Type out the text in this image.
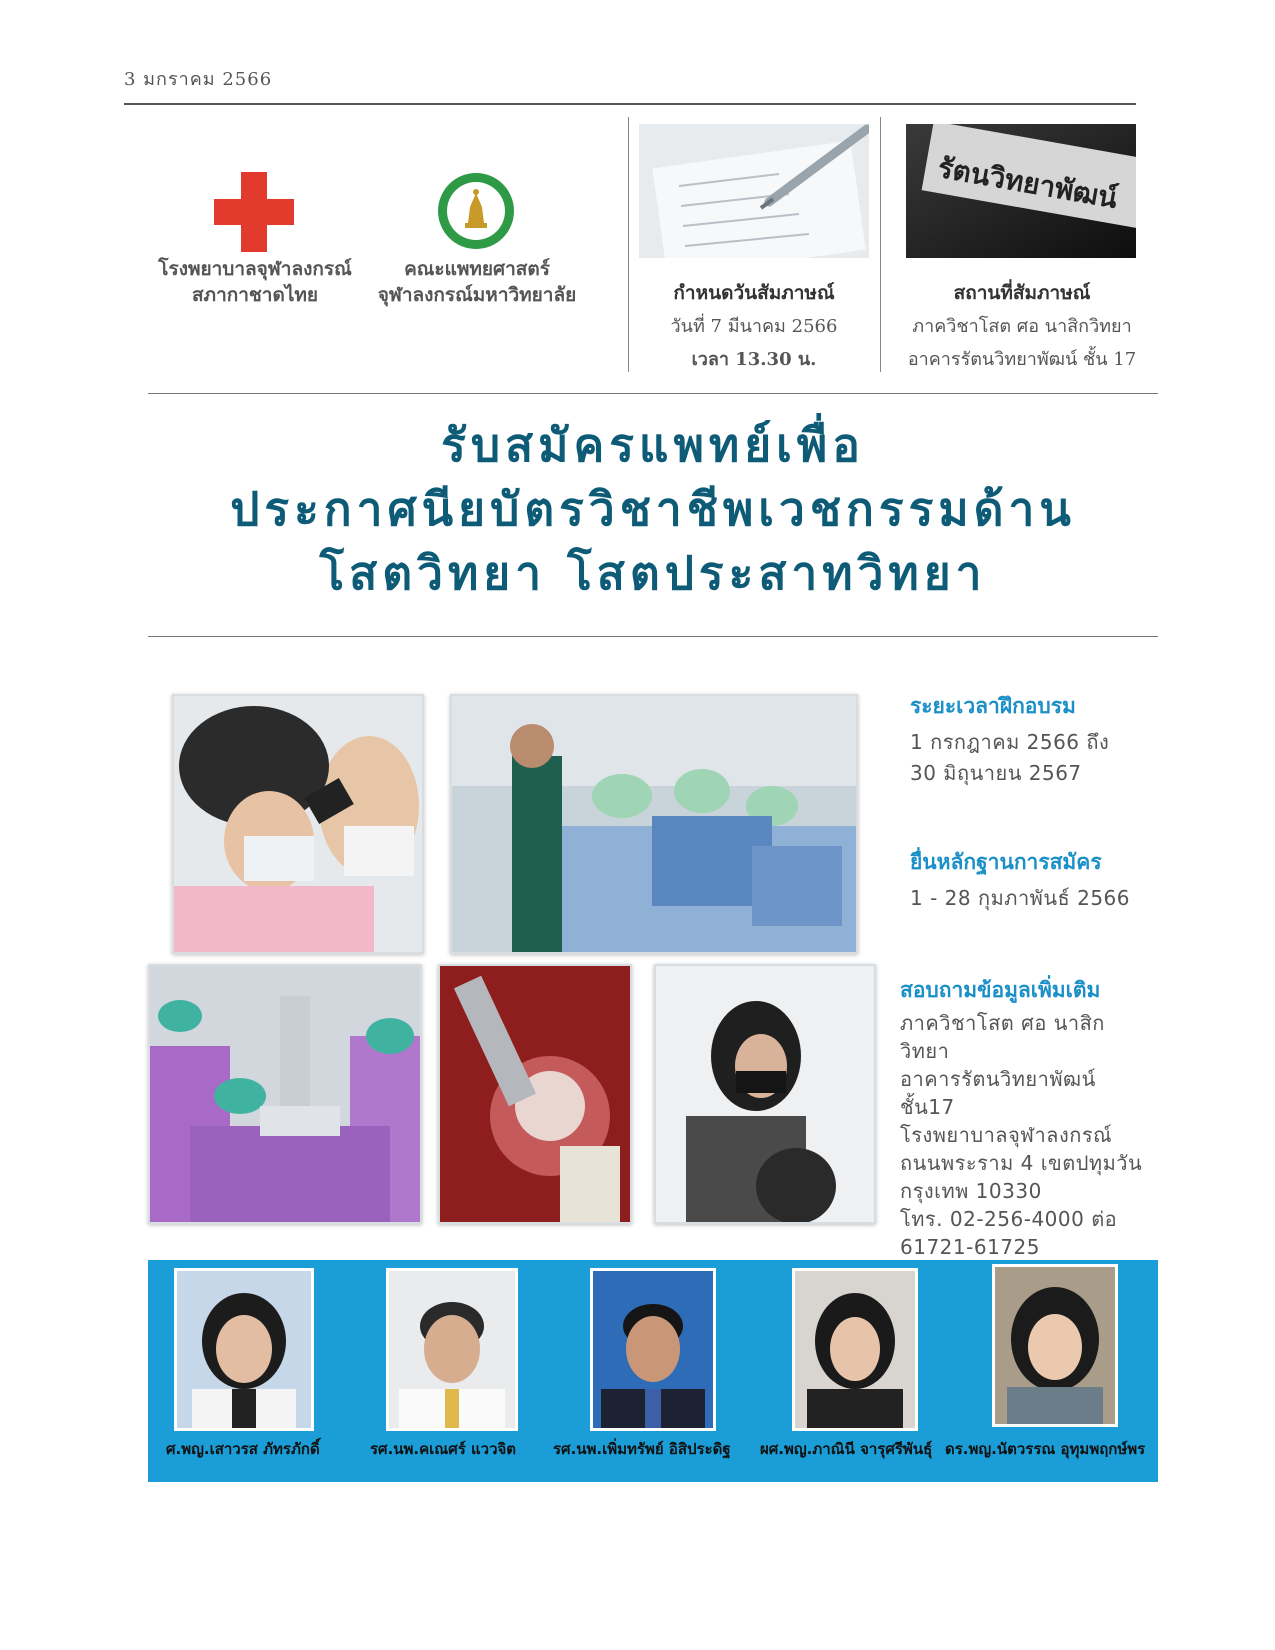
3 มกราคม 2566
โรงพยาบาลจุฬาลงกรณ์
สภากาชาดไทย
คณะแพทยศาสตร์
จุฬาลงกรณ์มหาวิทยาลัย	กำหนดวันสัมภาษณ์
วันที่ 7 มีนาคม 2566
เวลา 13.30 น.
รัตนวิทยาพัฒน์
สถานที่สัมภาษณ์
ภาควิชาโสต ศอ นาสิกวิทยา
อาคารรัตนวิทยาพัฒน์ ชั้น 17
รับสมัครแพทย์เพื่อ
ประกาศนียบัตรวิชาชีพเวชกรรมด้าน
โสตวิทยา โสตประสาทวิทยา
ระยะเวลาฝึกอบรม
1 กรกฎาคม 2566 ถึง
30 มิถุนายน 2567
ยื่นหลักฐานการสมัคร
1 - 28 กุมภาพันธ์ 2566
สอบถามข้อมูลเพิ่มเติม
ภาควิชาโสต ศอ นาสิกวิทยา
อาคารรัตนวิทยาพัฒน์ ชั้น17
โรงพยาบาลจุฬาลงกรณ์
ถนนพระราม 4 เขตปทุมวัน
กรุงเทพ 10330
โทร. 02-256-4000 ต่อ
61721-61725
ศ.พญ.เสาวรส ภัทรภักดิ์	รศ.นพ.คเณศร์ แววจิต รศ.นพ.เพิ่มทรัพย์ อิสิประดิฐ ผศ.พญ.ภาณินี จารุศรีพันธุ์ ดร.พญ.นัตวรรณ อุทุมพฤกษ์พร
